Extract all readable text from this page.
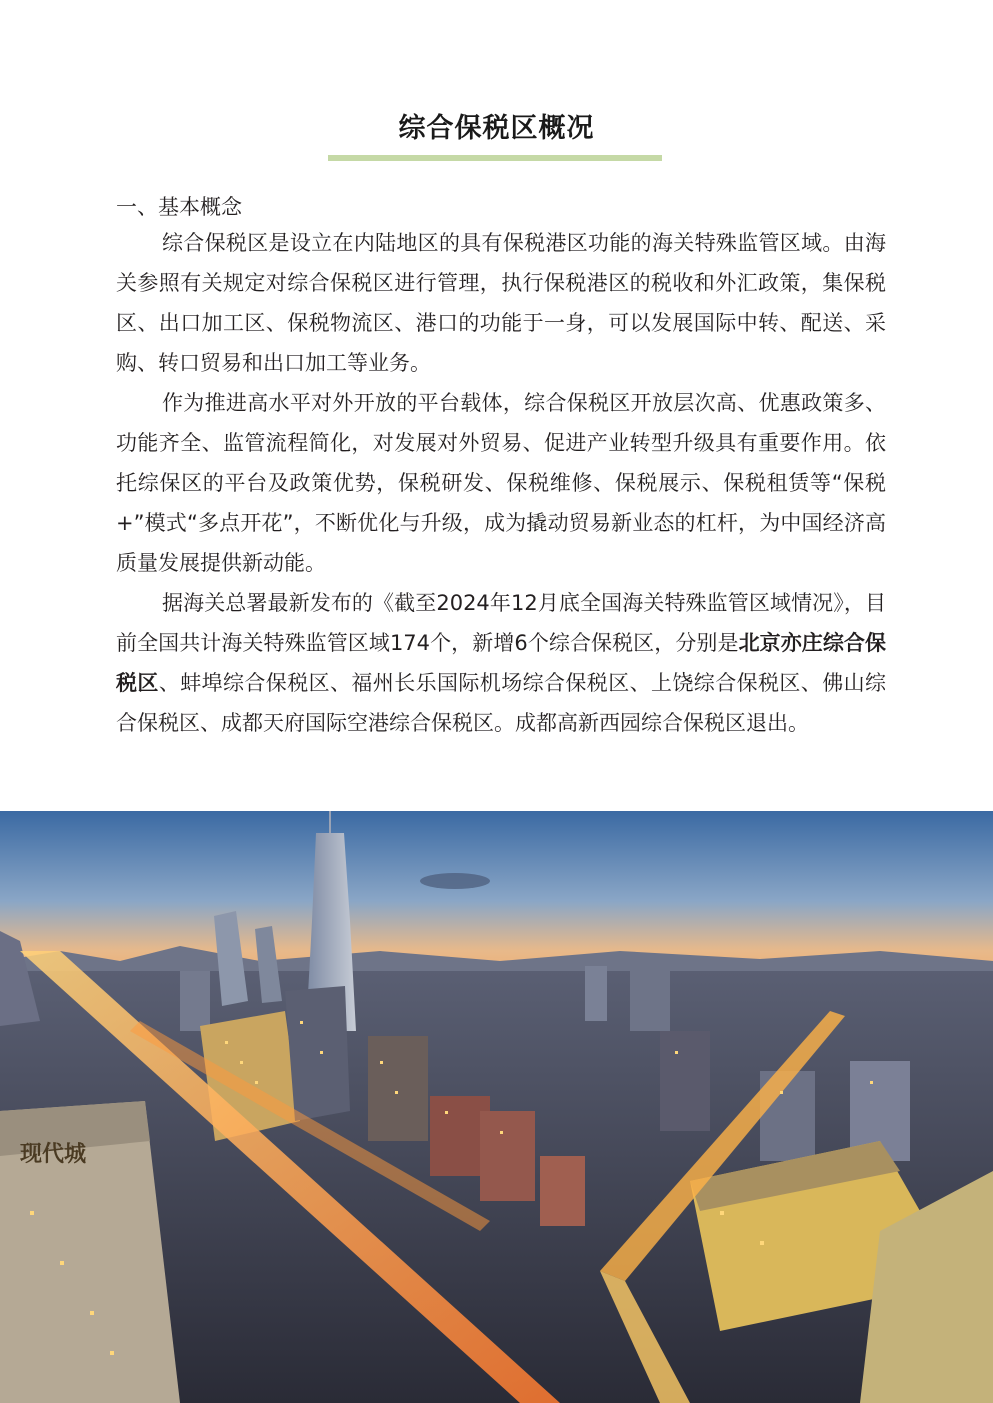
综合保税区概况

一、基本概念

综合保税区是设立在内陆地区的具有保税港区功能的海关特殊监管区域。由海关参照有关规定对综合保税区进行管理，执行保税港区的税收和外汇政策，集保税区、出口加工区、保税物流区、港口的功能于一身，可以发展国际中转、配送、采购、转口贸易和出口加工等业务。

作为推进高水平对外开放的平台载体，综合保税区开放层次高、优惠政策多、功能齐全、监管流程简化，对发展对外贸易、促进产业转型升级具有重要作用。依托综保区的平台及政策优势，保税研发、保税维修、保税展示、保税租赁等“保税+”模式“多点开花”，不断优化与升级，成为撬动贸易新业态的杠杆，为中国经济高质量发展提供新动能。

据海关总署最新发布的《截至2024年12月底全国海关特殊监管区域情况》，目前全国共计海关特殊监管区域174个，新增6个综合保税区，分别是北京亦庄综合保税区、蚌埠综合保税区、福州长乐国际机场综合保税区、上饶综合保税区、佛山综合保税区、成都天府国际空港综合保税区。成都高新西园综合保税区退出。

现代城
